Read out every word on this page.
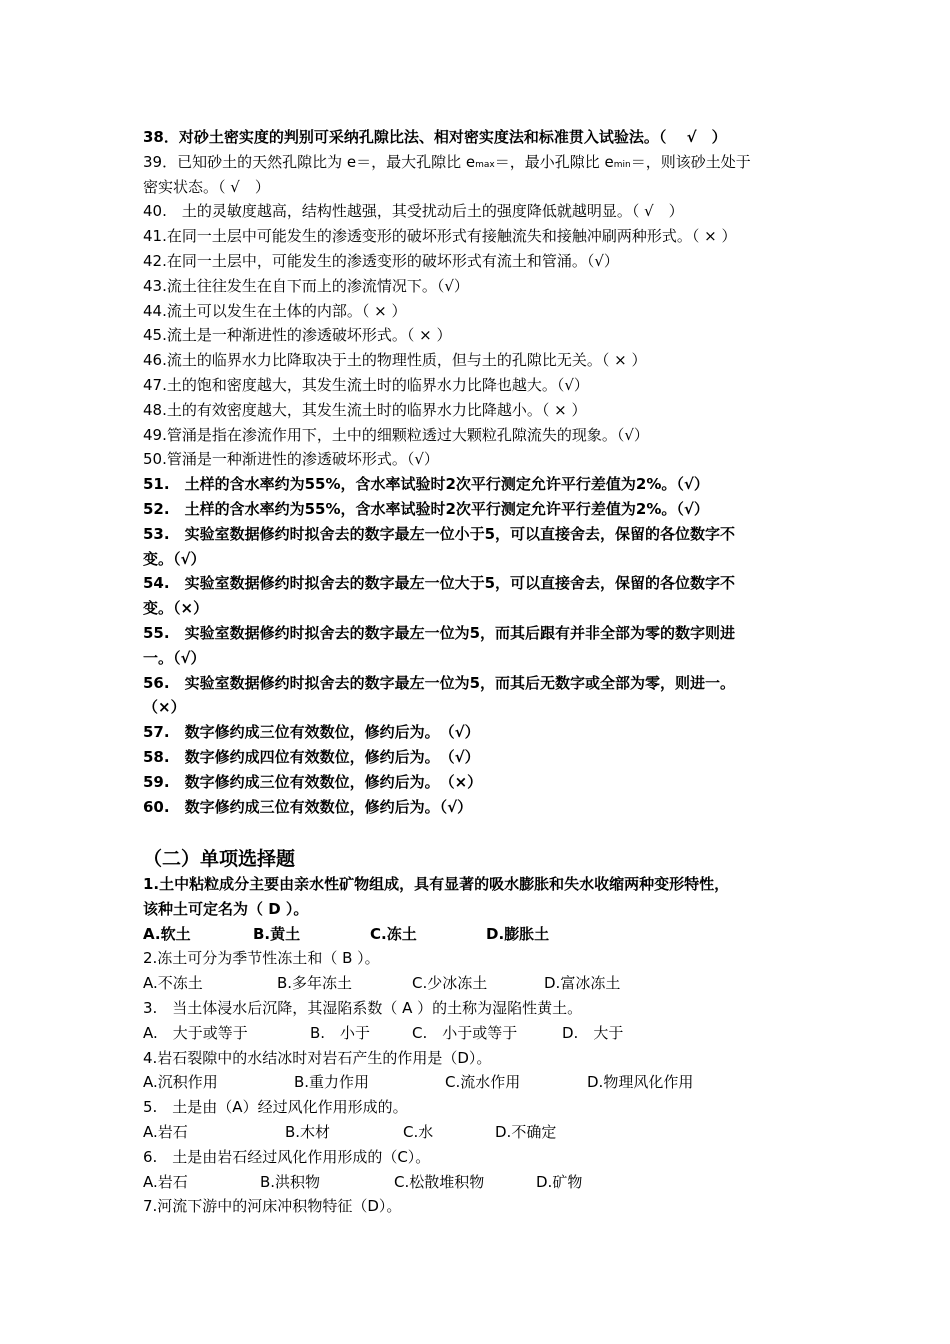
38．对砂土密实度的判别可采纳孔隙比法、相对密实度法和标准贯入试验法。（　 √　）
39．已知砂土的天然孔隙比为 e＝，最大孔隙比 emax＝，最小孔隙比 emin＝，则该砂土处于
密实状态。（ √　）
40.　土的灵敏度越高，结构性越强，其受扰动后土的强度降低就越明显。（ √　）
41.在同一土层中可能发生的渗透变形的破坏形式有接触流失和接触冲刷两种形式。（ × ）
42.在同一土层中，可能发生的渗透变形的破坏形式有流土和管涌。（√）
43.流土往往发生在自下而上的渗流情况下。（√）
44.流土可以发生在土体的内部。（ × ）
45.流土是一种渐进性的渗透破坏形式。（ × ）
46.流土的临界水力比降取决于土的物理性质，但与土的孔隙比无关。（ × ）
47.土的饱和密度越大，其发生流土时的临界水力比降也越大。（√）
48.土的有效密度越大，其发生流土时的临界水力比降越小。（ × ）
49.管涌是指在渗流作用下，土中的细颗粒透过大颗粒孔隙流失的现象。（√）
50.管涌是一种渐进性的渗透破坏形式。（√）
51.　土样的含水率约为55%，含水率试验时2次平行测定允许平行差值为2%。（√）
52.　土样的含水率约为55%，含水率试验时2次平行测定允许平行差值为2%。（√）
53.　实验室数据修约时拟舍去的数字最左一位小于5，可以直接舍去，保留的各位数字不
变。（√）
54.　实验室数据修约时拟舍去的数字最左一位大于5，可以直接舍去，保留的各位数字不
变。（×）
55.　实验室数据修约时拟舍去的数字最左一位为5，而其后跟有并非全部为零的数字则进
一。（√）
56.　实验室数据修约时拟舍去的数字最左一位为5，而其后无数字或全部为零，则进一。
（×）
57.　数字修约成三位有效数位，修约后为。　（√）
58.　数字修约成四位有效数位，修约后为。　（√）
59.　数字修约成三位有效数位，修约后为。　（×）
60.　数字修约成三位有效数位，修约后为。（√）
（二）单项选择题
1.土中粘粒成分主要由亲水性矿物组成，具有显著的吸水膨胀和失水收缩两种变形特性，
该种土可定名为（ D ）。
A.软土	B.黄土	C.冻土	D.膨胀土
2.冻土可分为季节性冻土和（ B ）。
A.不冻土	B.多年冻土	C.少冰冻土	D.富冰冻土
3.　当土体浸水后沉降，其湿陷系数（ A ）的土称为湿陷性黄土。
A.　大于或等于	B.　小于	C.　小于或等于	D.　大于
4.岩石裂隙中的水结冰时对岩石产生的作用是（D）。
A.沉积作用	B.重力作用	C.流水作用	D.物理风化作用
5.　土是由（A）经过风化作用形成的。
A.岩石	B.木材	C.水	D.不确定
6.　土是由岩石经过风化作用形成的（C）。
A.岩石	B.洪积物	C.松散堆积物	D.矿物
7.河流下游中的河床冲积物特征（D）。
